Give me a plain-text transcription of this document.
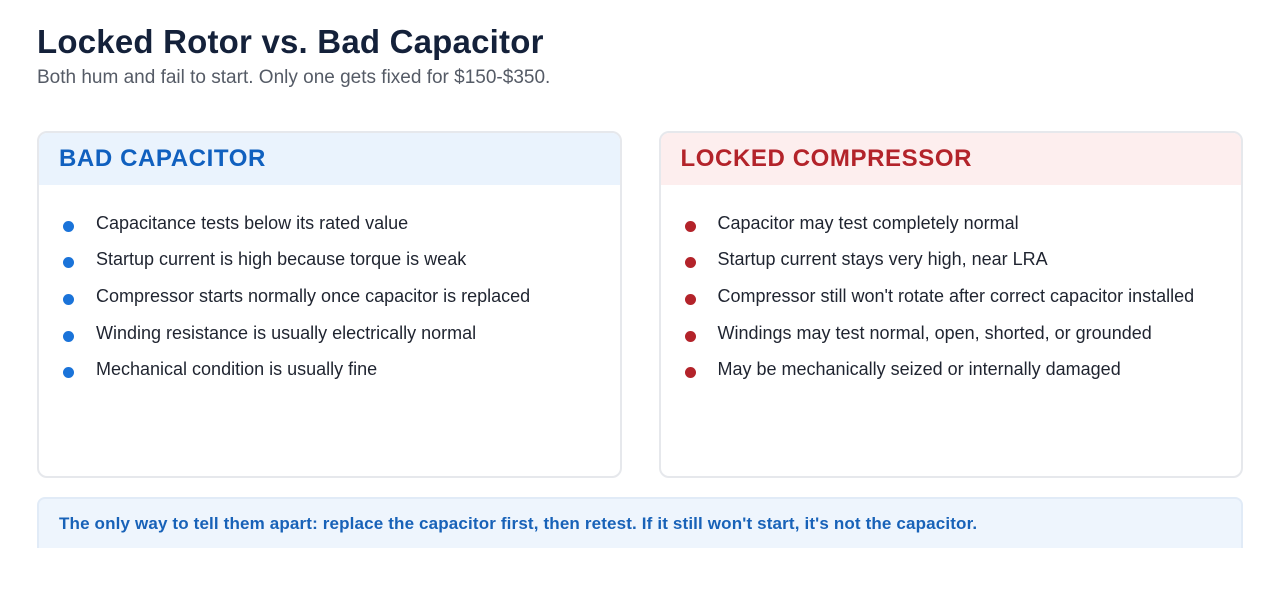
Locked Rotor vs. Bad Capacitor

Both hum and fail to start. Only one gets fixed for $150-$350.

BAD CAPACITOR
Capacitance tests below its rated value
Startup current is high because torque is weak
Compressor starts normally once capacitor is replaced
Winding resistance is usually electrically normal
Mechanical condition is usually fine
LOCKED COMPRESSOR
Capacitor may test completely normal
Startup current stays very high, near LRA
Compressor still won't rotate after correct capacitor installed
Windings may test normal, open, shorted, or grounded
May be mechanically seized or internally damaged
The only way to tell them apart: replace the capacitor first, then retest. If it still won't start, it's not the capacitor.
